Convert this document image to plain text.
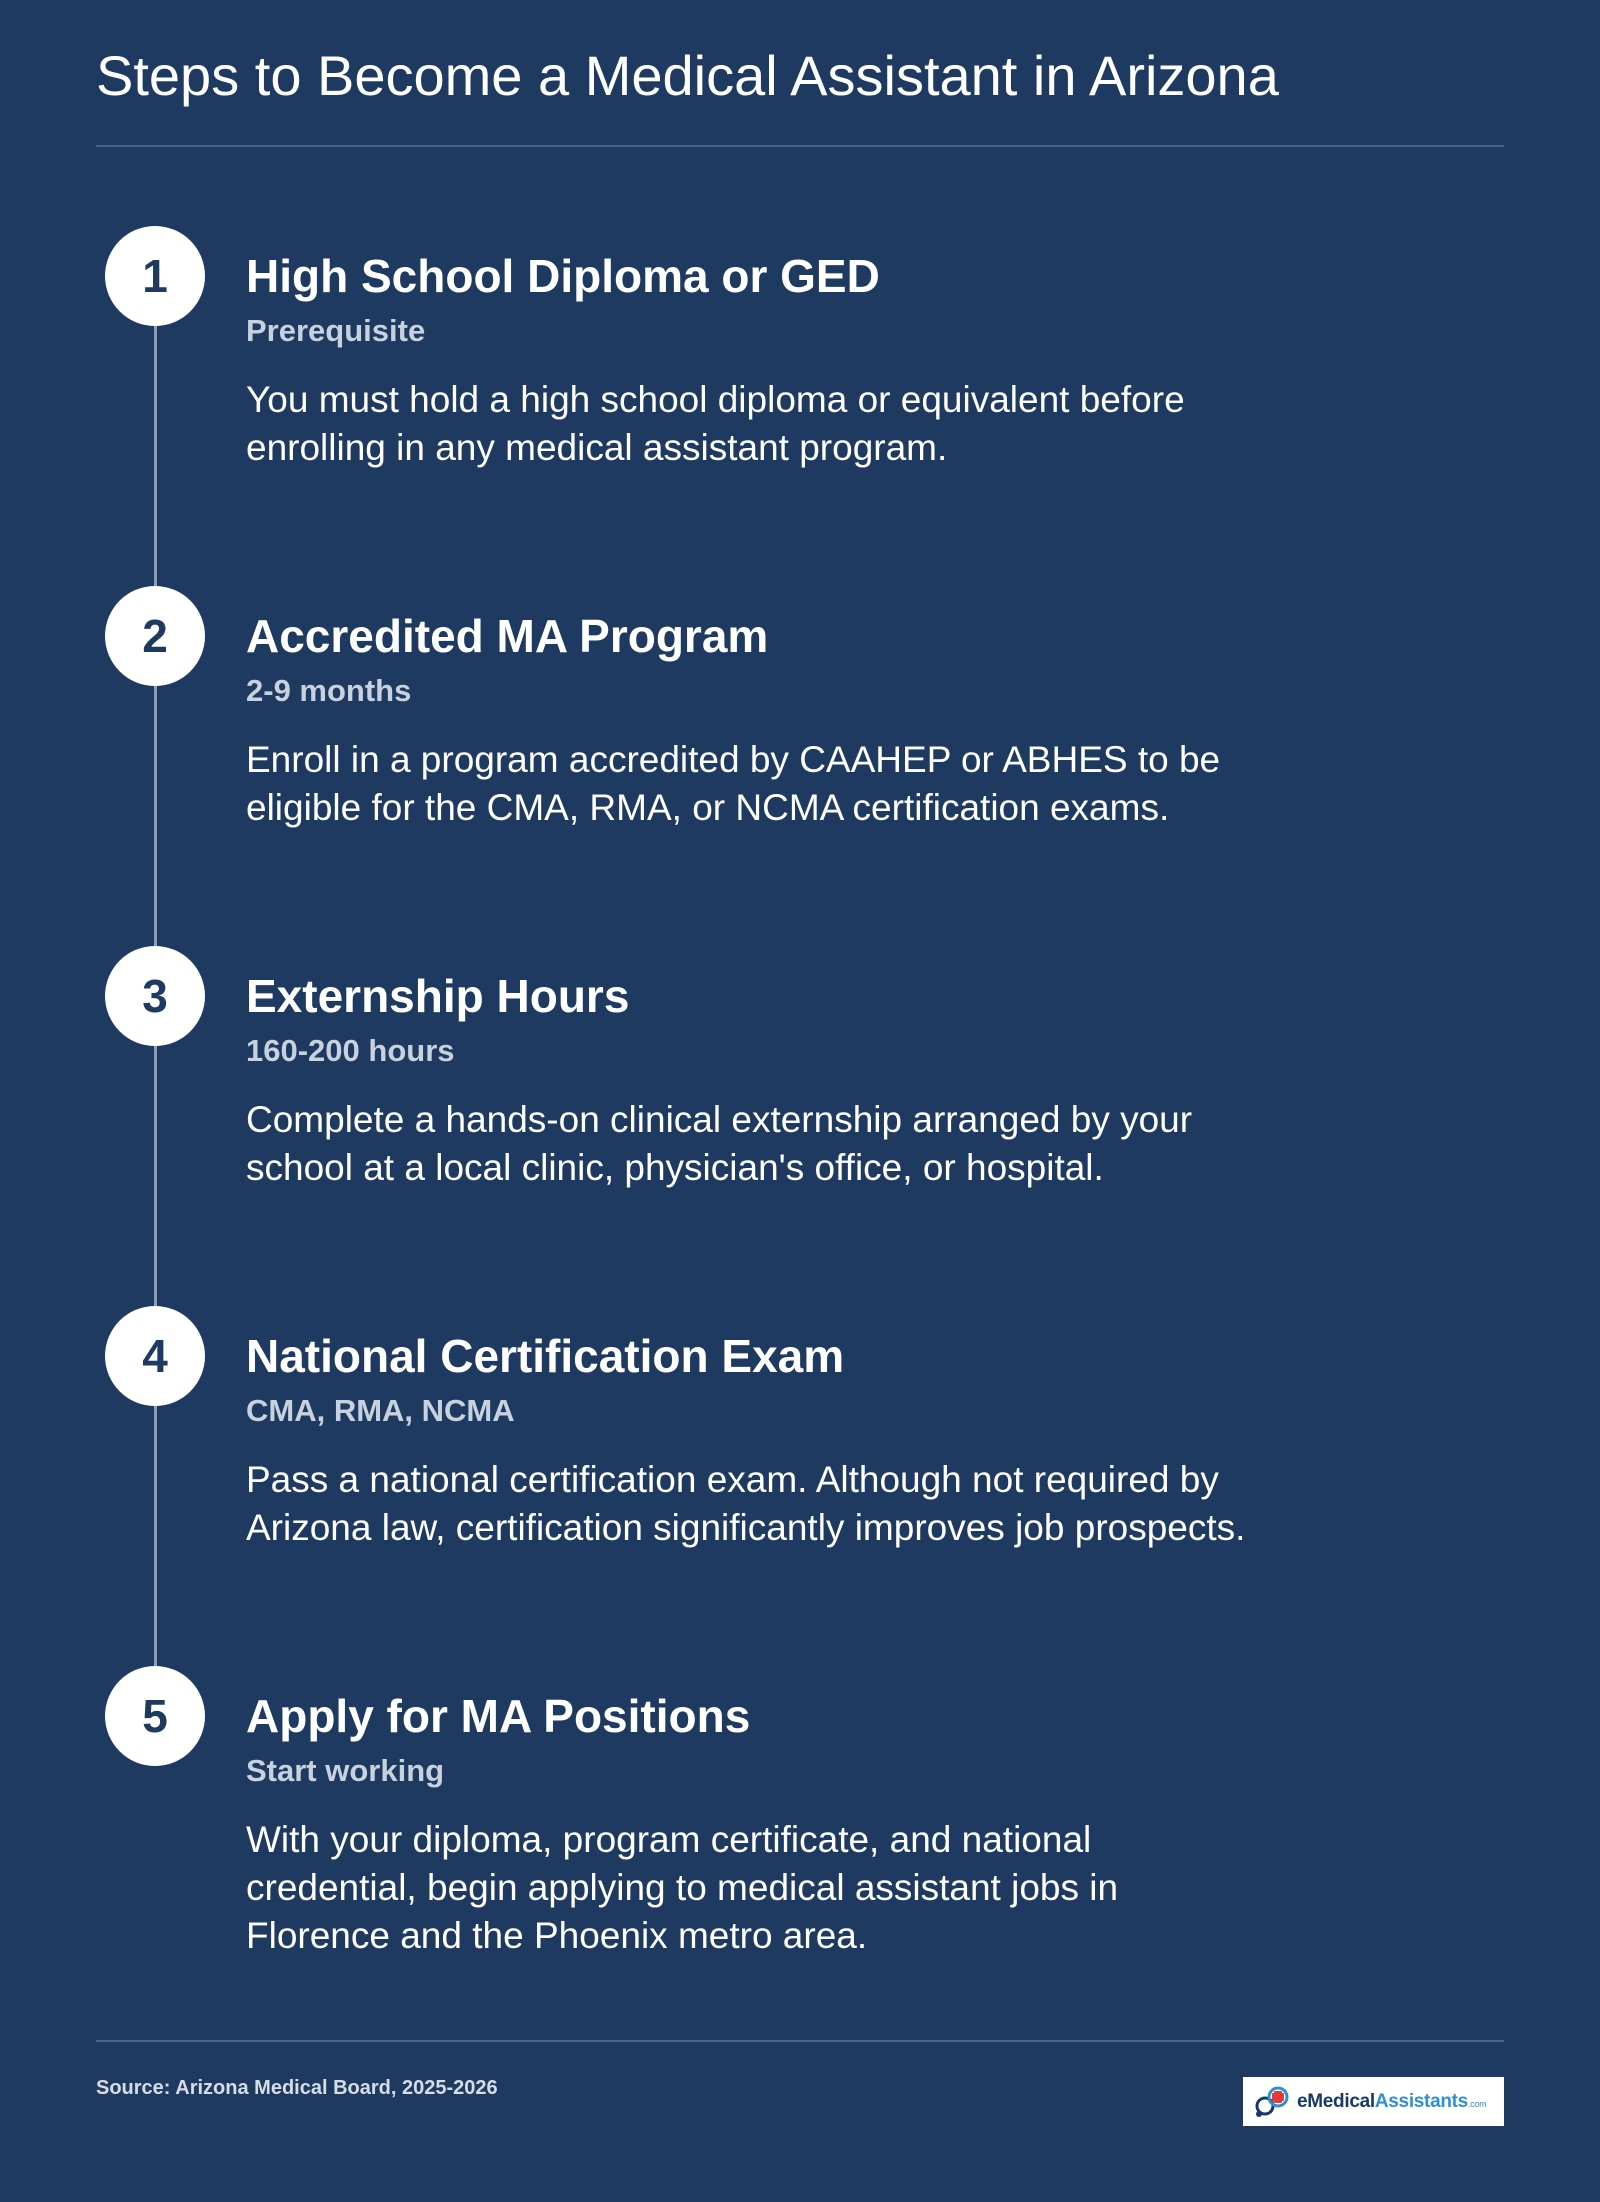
Steps to Become a Medical Assistant in Arizona
1	High School Diploma or GED
Prerequisite
You must hold a high school diploma or equivalent before enrolling in any medical assistant program.
2	Accredited MA Program
2-9 months
Enroll in a program accredited by CAAHEP or ABHES to be eligible for the CMA, RMA, or NCMA certification exams.
3	Externship Hours
160-200 hours
Complete a hands-on clinical externship arranged by your school at a local clinic, physician's office, or hospital.
4	National Certification Exam
CMA, RMA, NCMA
Pass a national certification exam. Although not required by Arizona law, certification significantly improves job prospects.
5	Apply for MA Positions
Start working
With your diploma, program certificate, and national credential, begin applying to medical assistant jobs in Florence and the Phoenix metro area.
Source: Arizona Medical Board, 2025-2026
eMedicalAssistants.com
